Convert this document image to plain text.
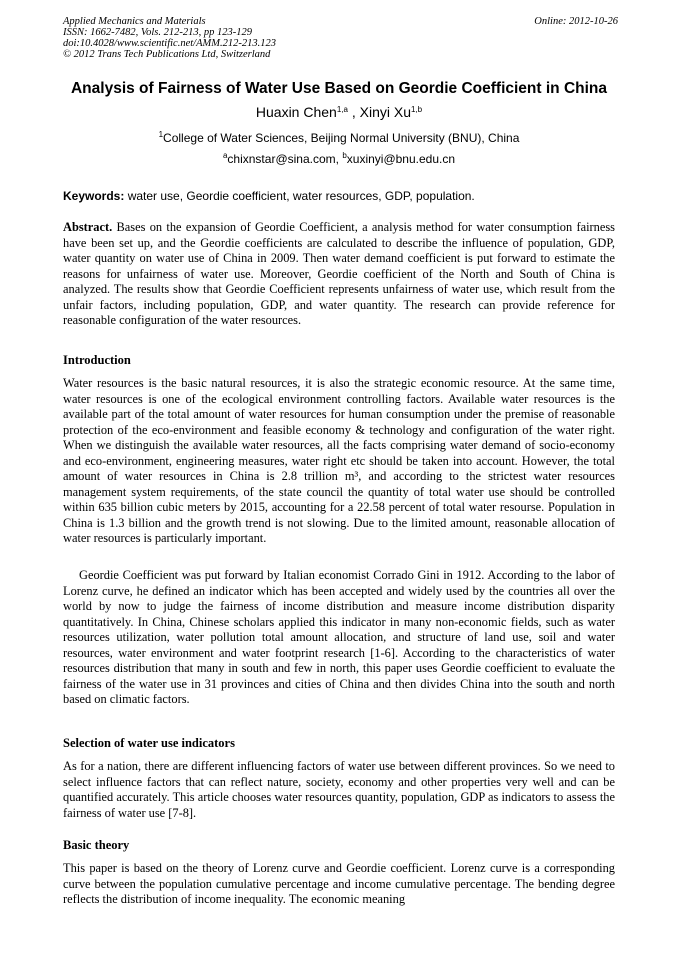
Applied Mechanics and Materials
ISSN: 1662-7482, Vols. 212-213, pp 123-129
doi:10.4028/www.scientific.net/AMM.212-213.123
© 2012 Trans Tech Publications Ltd, Switzerland
Online: 2012-10-26
Analysis of Fairness of Water Use Based on Geordie Coefficient in China
Huaxin Chen$^{1,a}$ , Xinyi Xu$^{1,b}$
$^1$College of Water Sciences, Beijing Normal University (BNU), China
$^a$chixnstar@sina.com, $^b$xuxinyi@bnu.edu.cn
Keywords: water use, Geordie coefficient, water resources, GDP, population.

Abstract. Bases on the expansion of Geordie Coefficient, a analysis method for water consumption fairness have been set up, and the Geordie coefficients are calculated to describe the influence of population, GDP, water quantity on water use of China in 2009. Then water demand coefficient is put forward to estimate the reasons for unfairness of water use. Moreover, Geordie coefficient of the North and South of China is analyzed. The results show that Geordie Coefficient represents unfairness of water use, which result from the unfair factors, including population, GDP, and water quantity. The research can provide reference for reasonable configuration of the water resources.

Introduction

Water resources is the basic natural resources, it is also the strategic economic resource. At the same time, water resources is one of the ecological environment controlling factors. Available water resources is the available part of the total amount of water resources for human consumption under the premise of reasonable protection of the eco-environment and feasible economy & technology and configuration of the water right. When we distinguish the available water resources, all the facts comprising water demand of socio-economy and eco-environment, engineering measures, water right etc should be taken into account. However, the total amount of water resources in China is 2.8 trillion m³, and according to the strictest water resources management system requirements, of the state council the quantity of total water use should be controlled within 635 billion cubic meters by 2015, accounting for a 22.58 percent of total water resourse. Population in China is 1.3 billion and the growth trend is not slowing. Due to the limited amount, reasonable allocation of water resources is particularly important.

Geordie Coefficient was put forward by Italian economist Corrado Gini in 1912. According to the labor of Lorenz curve, he defined an indicator which has been accepted and widely used by the countries all over the world by now to judge the fairness of income distribution and measure income distribution disparity quantitatively. In China, Chinese scholars applied this indicator in many non-economic fields, such as water resources utilization, water pollution total amount allocation, and structure of land use, soil and water resources, water environment and water footprint research [1-6]. According to the characteristics of water resources distribution that many in south and few in north, this paper uses Geordie coefficient to evaluate the fairness of the water use in 31 provinces and cities of China and then divides China into the south and north based on climatic factors.

Selection of water use indicators

As for a nation, there are different influencing factors of water use between different provinces. So we need to select influence factors that can reflect nature, society, economy and other properties very well and can be quantified accurately. This article chooses water resources quantity, population, GDP as indicators to assess the fairness of water use [7-8].

Basic theory

This paper is based on the theory of Lorenz curve and Geordie coefficient. Lorenz curve is a corresponding curve between the population cumulative percentage and income cumulative percentage. The bending degree reflects the distribution of income inequality. The economic meaning
